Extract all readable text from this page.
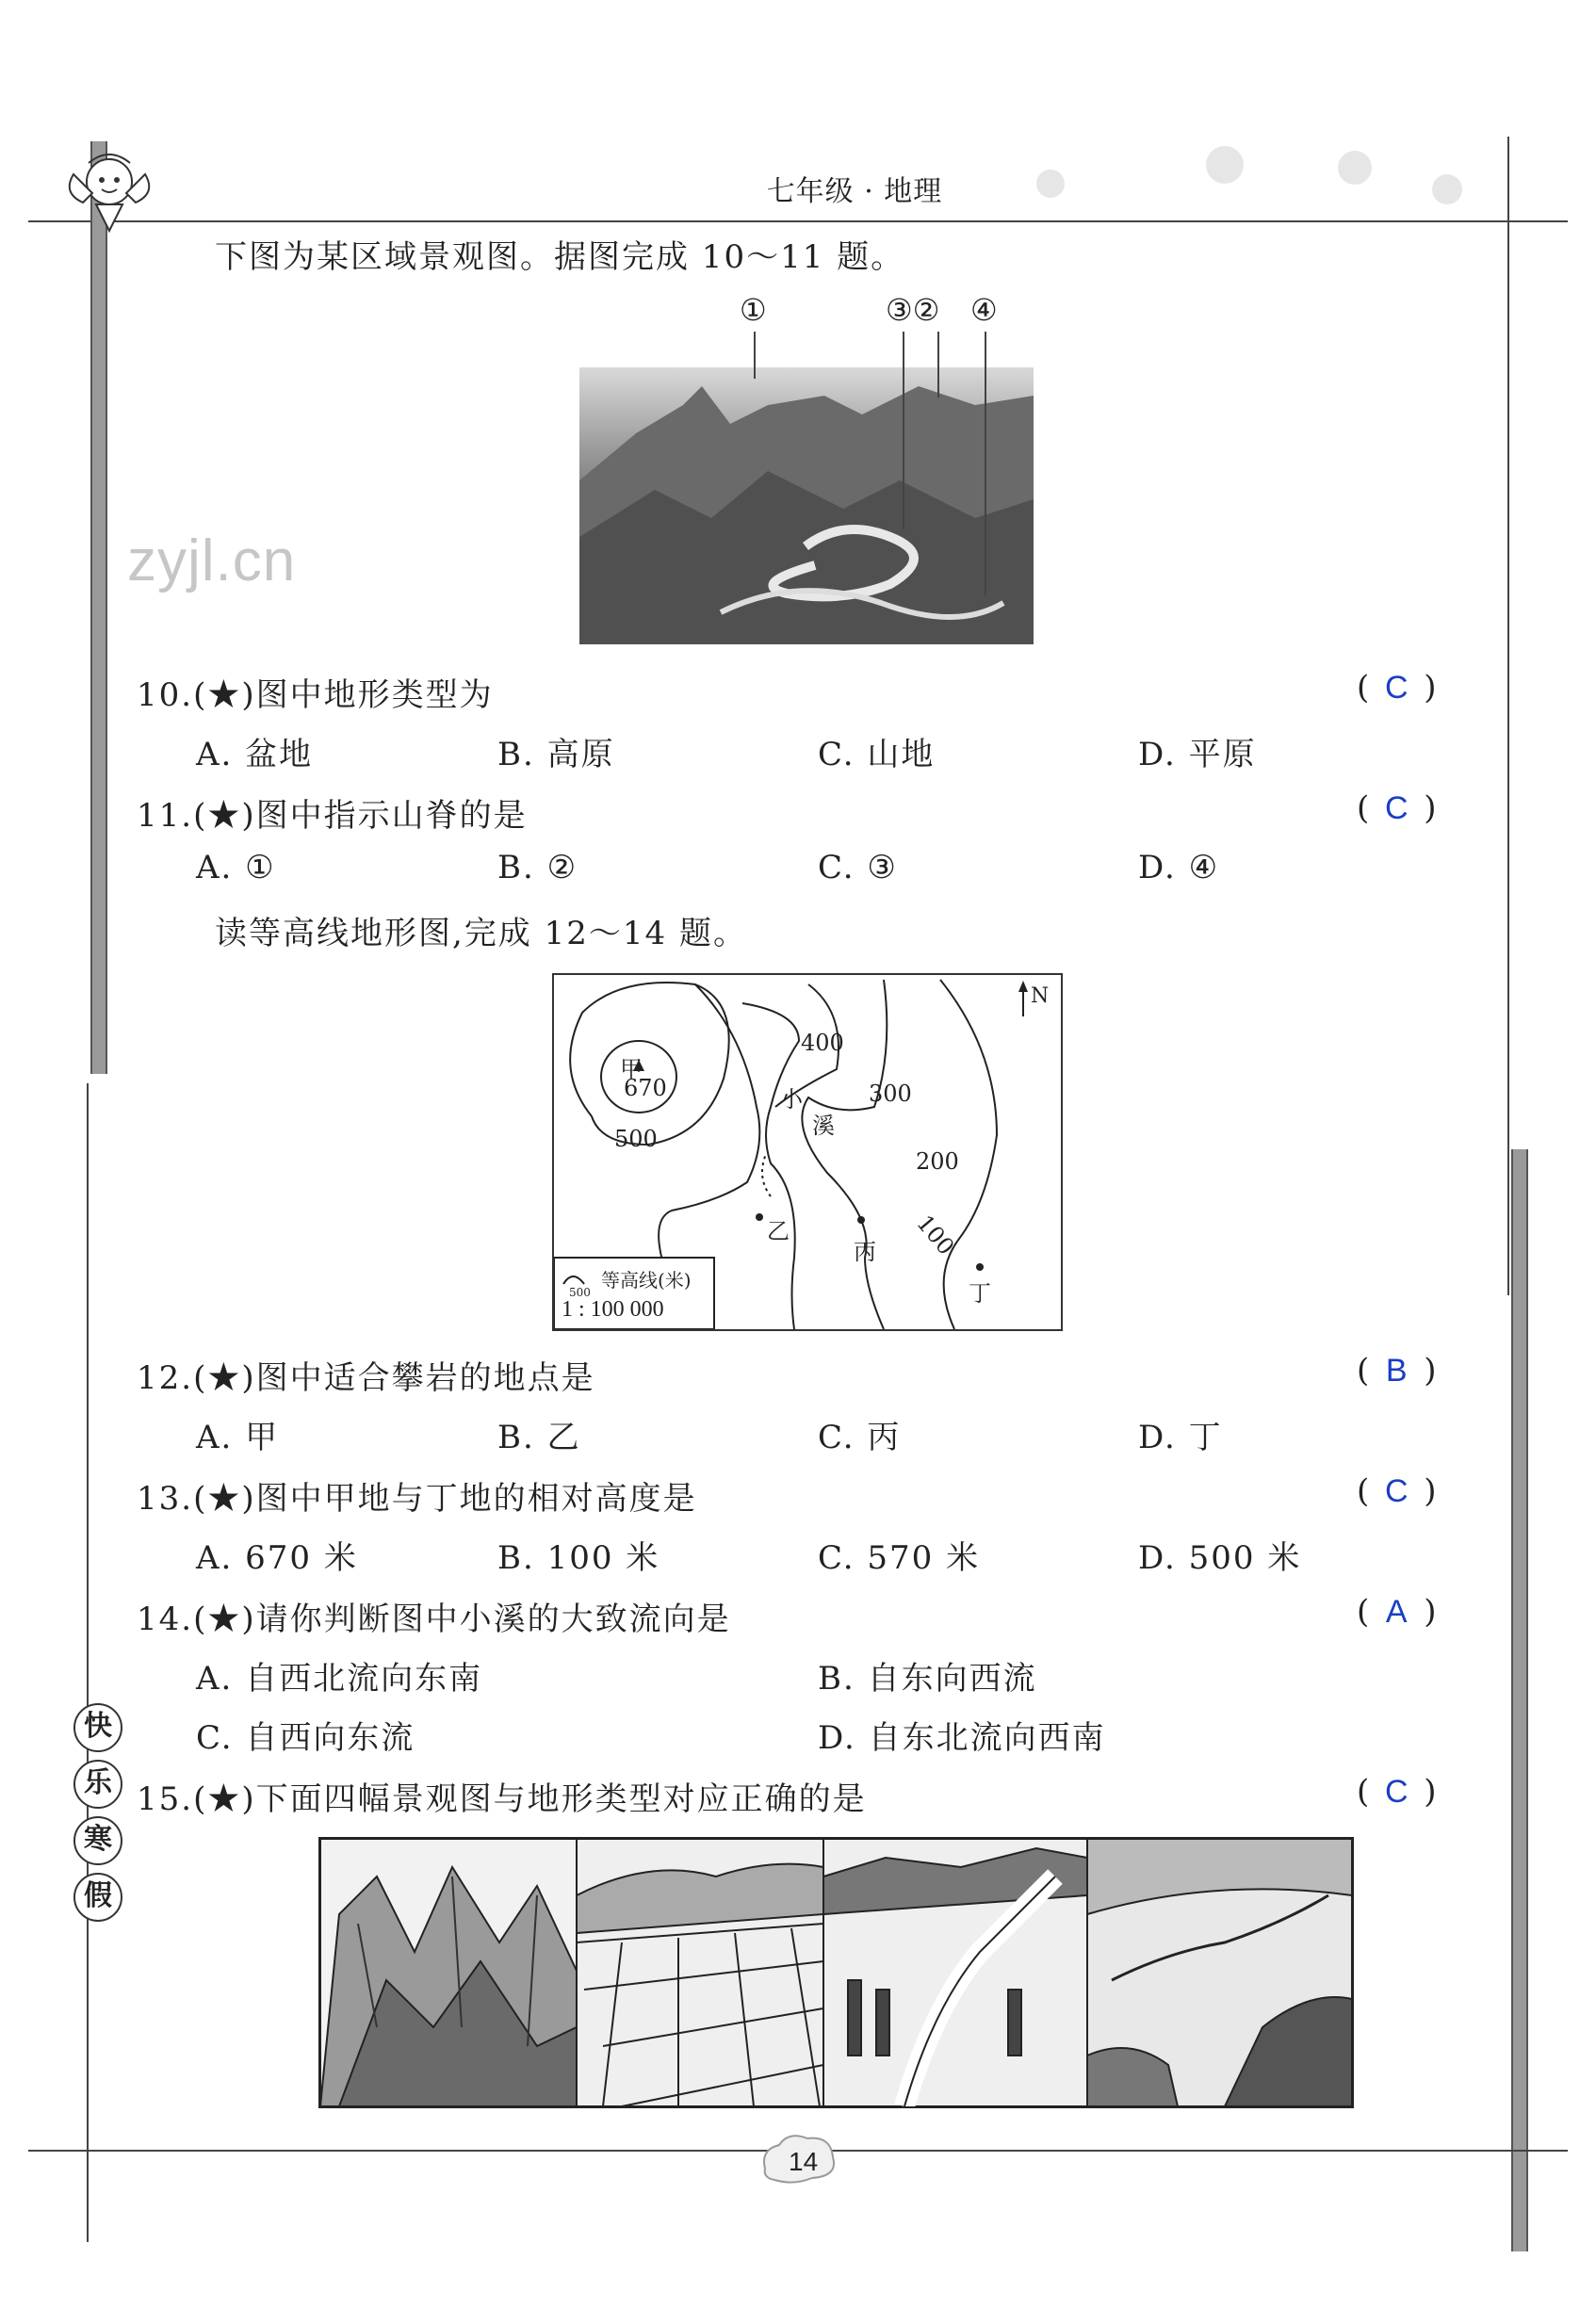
七年级 · 地理
下图为某区域景观图。据图完成 10～11 题。
①	③② ④
zyjl.cn
10.(★)图中地形类型为	( C )
A. 盆地	B. 高原	C. 山地	D. 平原
11.(★)图中指示山脊的是	( C )
A. ①	B. ②	C. ③	D. ④
读等高线地形图,完成 12～14 题。
N
甲
670
500
400
300
200
100
小
溪
乙
丙
丁
500
等高线(米)
1 : 100 000
12.(★)图中适合攀岩的地点是	( B )
A. 甲	B. 乙	C. 丙	D. 丁
13.(★)图中甲地与丁地的相对高度是	( C )
A. 670 米	B. 100 米	C. 570 米	D. 500 米
14.(★)请你判断图中小溪的大致流向是	( A )
A. 自西北流向东南	B. 自东向西流
C. 自西向东流	D. 自东北流向西南
15.(★)下面四幅景观图与地形类型对应正确的是	( C )
快
乐
寒
假
14
